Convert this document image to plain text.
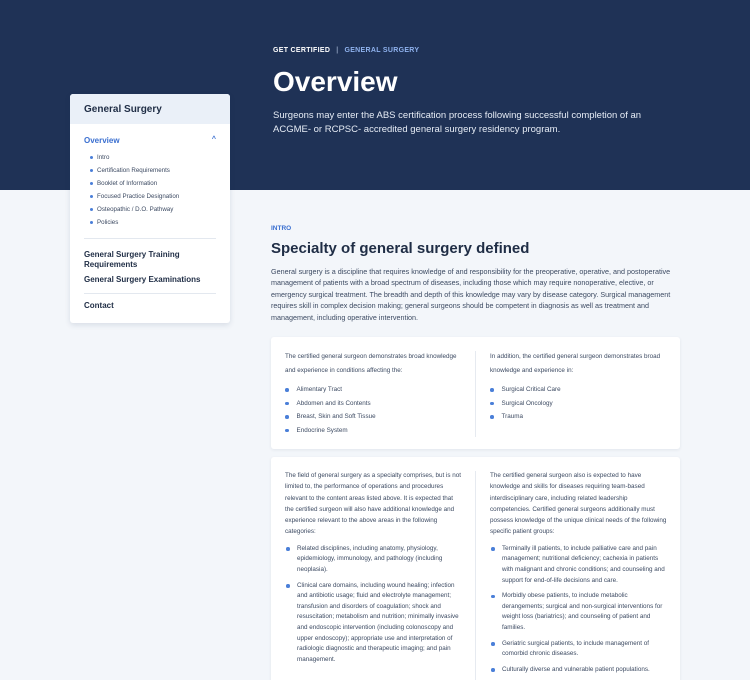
GET CERTIFIED | GENERAL SURGERY
Overview
Surgeons may enter the ABS certification process following successful completion of an ACGME- or RCPSC- accredited general surgery residency program.
General Surgery
Overview	^
Intro
Certification Requirements
Booklet of Information
Focused Practice Designation
Osteopathic / D.O. Pathway
Policies
General Surgery Training Requirements
General Surgery Examinations
Contact
INTRO
Specialty of general surgery defined

General surgery is a discipline that requires knowledge of and responsibility for the preoperative, operative, and postoperative management of patients with a broad spectrum of diseases, including those which may require nonoperative, elective, or emergency surgical treatment. The breadth and depth of this knowledge may vary by disease category. Surgical management requires skill in complex decision making; general surgeons should be competent in diagnosis as well as treatment and management, including operative intervention.

The certified general surgeon demonstrates broad knowledge and experience in conditions affecting the:

Alimentary Tract
Abdomen and its Contents
Breast, Skin and Soft Tissue
Endocrine System

In addition, the certified general surgeon demonstrates broad knowledge and experience in:

Surgical Critical Care
Surgical Oncology
Trauma

The field of general surgery as a specialty comprises, but is not limited to, the performance of operations and procedures relevant to the content areas listed above. It is expected that the certified surgeon will also have additional knowledge and experience relevant to the above areas in the following categories:

Related disciplines, including anatomy, physiology, epidemiology, immunology, and pathology (including neoplasia).
Clinical care domains, including wound healing; infection and antibiotic usage; fluid and electrolyte management; transfusion and disorders of coagulation; shock and resuscitation; metabolism and nutrition; minimally invasive and endoscopic intervention (including colonoscopy and upper endoscopy); appropriate use and interpretation of radiologic diagnostic and therapeutic imaging; and pain management.

The certified general surgeon also is expected to have knowledge and skills for diseases requiring team-based interdisciplinary care, including related leadership competencies. Certified general surgeons additionally must possess knowledge of the unique clinical needs of the following specific patient groups:

Terminally ill patients, to include palliative care and pain management; nutritional deficiency; cachexia in patients with malignant and chronic conditions; and counseling and support for end-of-life decisions and care.
Morbidly obese patients, to include metabolic derangements; surgical and non-surgical interventions for weight loss (bariatrics); and counseling of patient and families.
Geriatric surgical patients, to include management of comorbid chronic diseases.
Culturally diverse and vulnerable patient populations.
